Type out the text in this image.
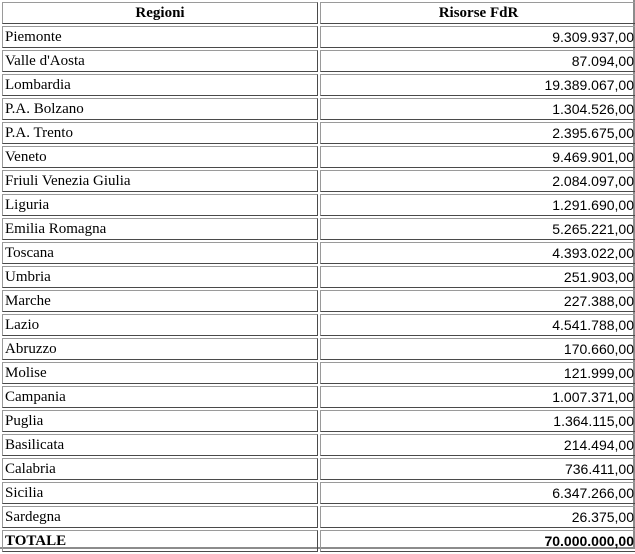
Regioni	Risorse FdR
Piemonte	9.309.937,00
Valle d'Aosta	87.094,00
Lombardia	19.389.067,00
P.A. Bolzano	1.304.526,00
P.A. Trento	2.395.675,00
Veneto	9.469.901,00
Friuli Venezia Giulia	2.084.097,00
Liguria	1.291.690,00
Emilia Romagna	5.265.221,00
Toscana	4.393.022,00
Umbria	251.903,00
Marche	227.388,00
Lazio	4.541.788,00
Abruzzo	170.660,00
Molise	121.999,00
Campania	1.007.371,00
Puglia	1.364.115,00
Basilicata	214.494,00
Calabria	736.411,00
Sicilia	6.347.266,00
Sardegna	26.375,00
TOTALE	70.000.000,00
